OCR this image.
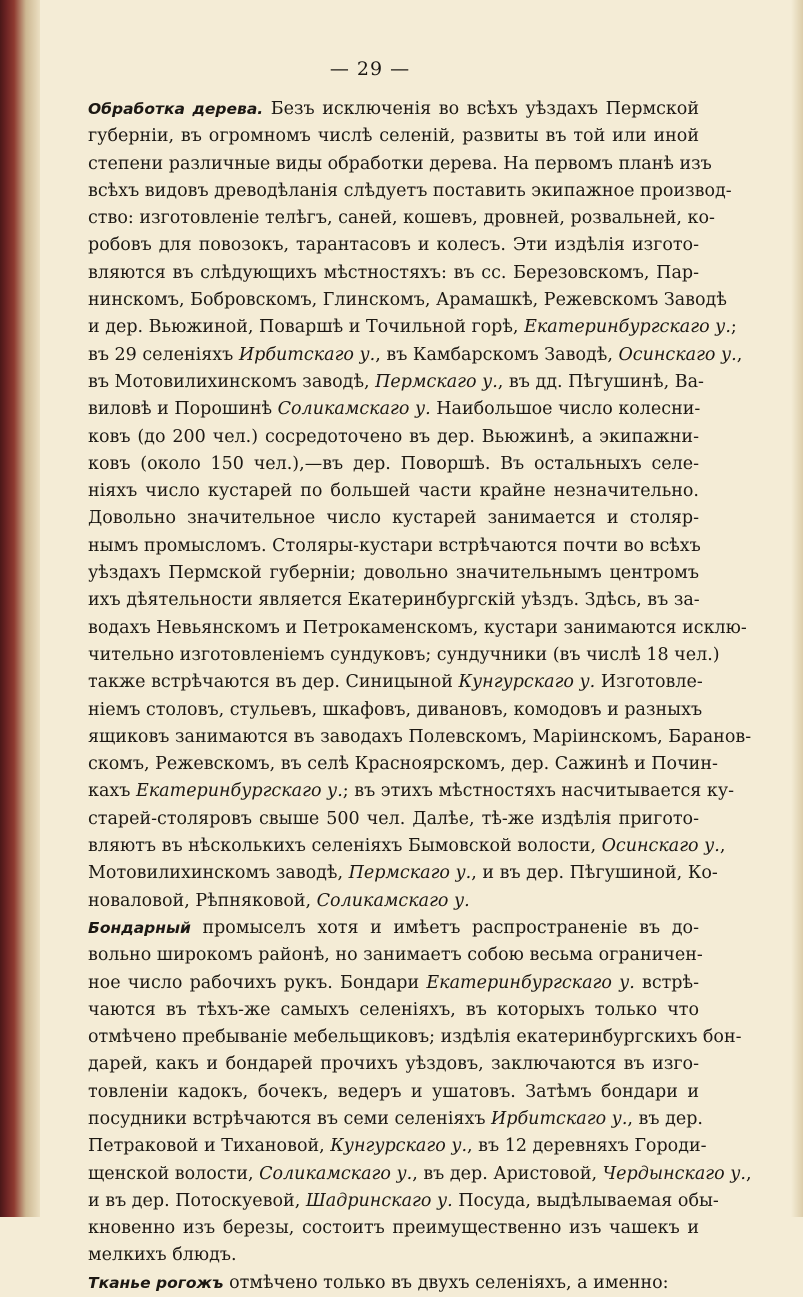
— 29 —
Обработка дерева. Безъ исключенія во всѣхъ уѣздахъ Пермской
губерніи, въ огромномъ числѣ селеній, развиты въ той или иной
степени различные виды обработки дерева. На первомъ планѣ изъ
всѣхъ видовъ древодѣланія слѣдуетъ поставить экипажное производ-
ство: изготовленіе телѣгъ, саней, кошевъ, дровней, розвальней, ко-
робовъ для повозокъ, тарантасовъ и колесъ. Эти издѣлія изгото-
вляются въ слѣдующихъ мѣстностяхъ: въ сс. Березовскомъ, Пар-
нинскомъ, Бобровскомъ, Глинскомъ, Арамашкѣ, Режевскомъ Заводѣ
и дер. Вьюжиной, Поваршѣ и Точильной горѣ, Екатеринбургскаго у.;
въ 29 селеніяхъ Ирбитскаго у., въ Камбарскомъ Заводѣ, Осинскаго у.,
въ Мотовилихинскомъ заводѣ, Пермскаго у., въ дд. Пѣгушинѣ, Ва-
виловѣ и Порошинѣ Соликамскаго у. Наибольшое число колесни-
ковъ (до 200 чел.) сосредоточено въ дер. Вьюжинѣ, а экипажни-
ковъ (около 150 чел.),—въ дер. Поворшѣ. Въ остальныхъ селе-
ніяхъ число кустарей по большей части крайне незначительно.
Довольно значительное число кустарей занимается и столяр-
нымъ промысломъ. Столяры-кустари встрѣчаются почти во всѣхъ
уѣздахъ Пермской губерніи; довольно значительнымъ центромъ
ихъ дѣятельности является Екатеринбургскій уѣздъ. Здѣсь, въ за-
водахъ Невьянскомъ и Петрокаменскомъ, кустари занимаются исклю-
чительно изготовленіемъ сундуковъ; сундучники (въ числѣ 18 чел.)
также встрѣчаются въ дер. Синицыной Кунгурскаго у. Изготовле-
ніемъ столовъ, стульевъ, шкафовъ, дивановъ, комодовъ и разныхъ
ящиковъ занимаются въ заводахъ Полевскомъ, Маріинскомъ, Баранов-
скомъ, Режевскомъ, въ селѣ Красноярскомъ, дер. Сажинѣ и Почин-
кахъ Екатеринбургскаго у.; въ этихъ мѣстностяхъ насчитывается ку-
старей-столяровъ свыше 500 чел. Далѣе, тѣ-же издѣлія пригото-
вляютъ въ нѣсколькихъ селеніяхъ Бымовской волости, Осинскаго у.,
Мотовилихинскомъ заводѣ, Пермскаго у., и въ дер. Пѣгушиной, Ко-
новаловой, Рѣпняковой, Соликамскаго у.
Бондарный промыселъ хотя и имѣетъ распространеніе въ до-
вольно широкомъ районѣ, но занимаетъ собою весьма ограничен-
ное число рабочихъ рукъ. Бондари Екатеринбургскаго у. встрѣ-
чаются въ тѣхъ-же самыхъ селеніяхъ, въ которыхъ только что
отмѣчено пребываніе мебельщиковъ; издѣлія екатеринбургскихъ бон-
дарей, какъ и бондарей прочихъ уѣздовъ, заключаются въ изго-
товленіи кадокъ, бочекъ, ведеръ и ушатовъ. Затѣмъ бондари и
посудники встрѣчаются въ семи селеніяхъ Ирбитскаго у., въ дер.
Петраковой и Тихановой, Кунгурскаго у., въ 12 деревняхъ Городи-
щенской волости, Соликамскаго у., въ дер. Аристовой, Чердынскаго у.,
и въ дер. Потоскуевой, Шадринскаго у. Посуда, выдѣлываемая обы-
кновенно изъ березы, состоитъ преимущественно изъ чашекъ и
мелкихъ блюдъ.
Тканье рогожъ отмѣчено только въ двухъ селеніяхъ, а именно:
